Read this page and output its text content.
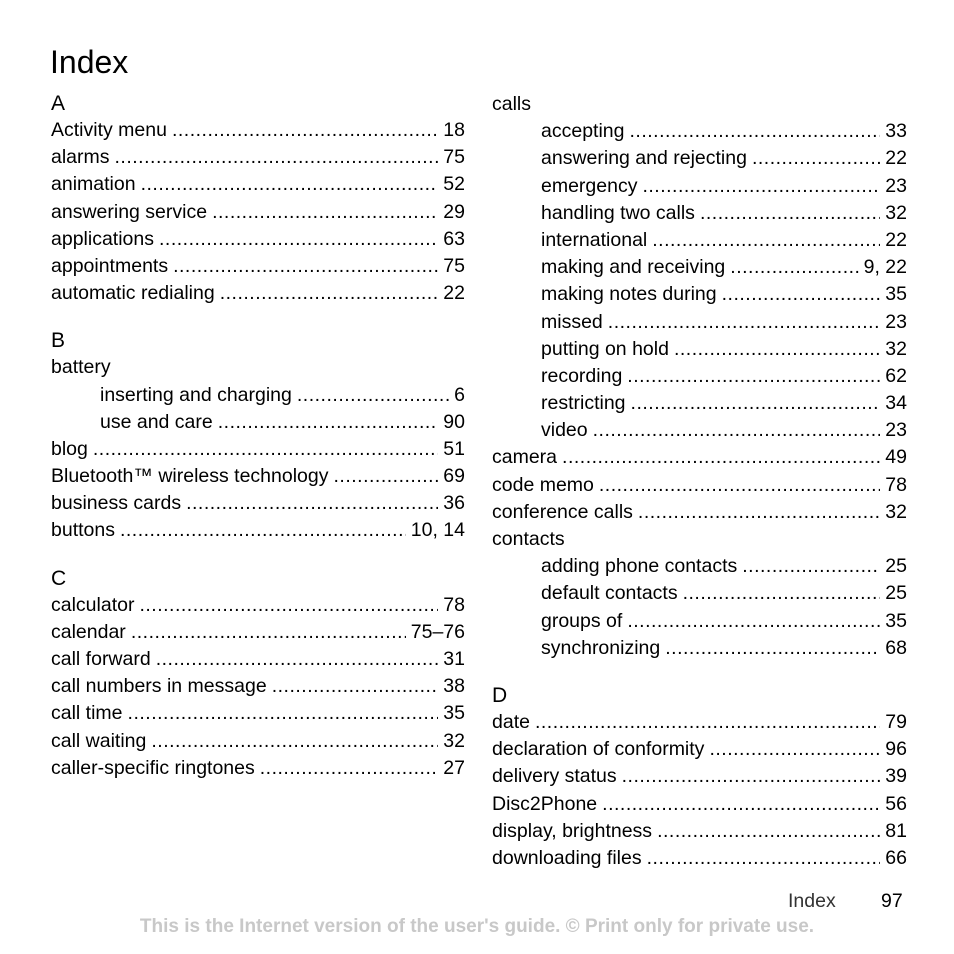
Index
A
Activity menu .....	18
alarms .....	75
animation .....	52
answering service .....	29
applications .....	63
appointments .....	75
automatic redialing .....	22
B
battery
inserting and charging .....	6
use and care .....	90
blog .....	51
Bluetooth™ wireless technology .....	69
business cards .....	36
buttons .....	10, 14
C
calculator .....	78
calendar .....	75–76
call forward .....	31
call numbers in message .....	38
call time .....	35
call waiting .....	32
caller-specific ringtones .....	27
calls
accepting .....	33
answering and rejecting .....	22
emergency .....	23
handling two calls .....	32
international .....	22
making and receiving .....	9, 22
making notes during .....	35
missed .....	23
putting on hold .....	32
recording .....	62
restricting .....	34
video .....	23
camera .....	49
code memo .....	78
conference calls .....	32
contacts
adding phone contacts .....	25
default contacts .....	25
groups of .....	35
synchronizing .....	68
D
date .....	79
declaration of conformity .....	96
delivery status .....	39
Disc2Phone .....	56
display, brightness .....	81
downloading files .....	66
Index 97
This is the Internet version of the user's guide. © Print only for private use.
